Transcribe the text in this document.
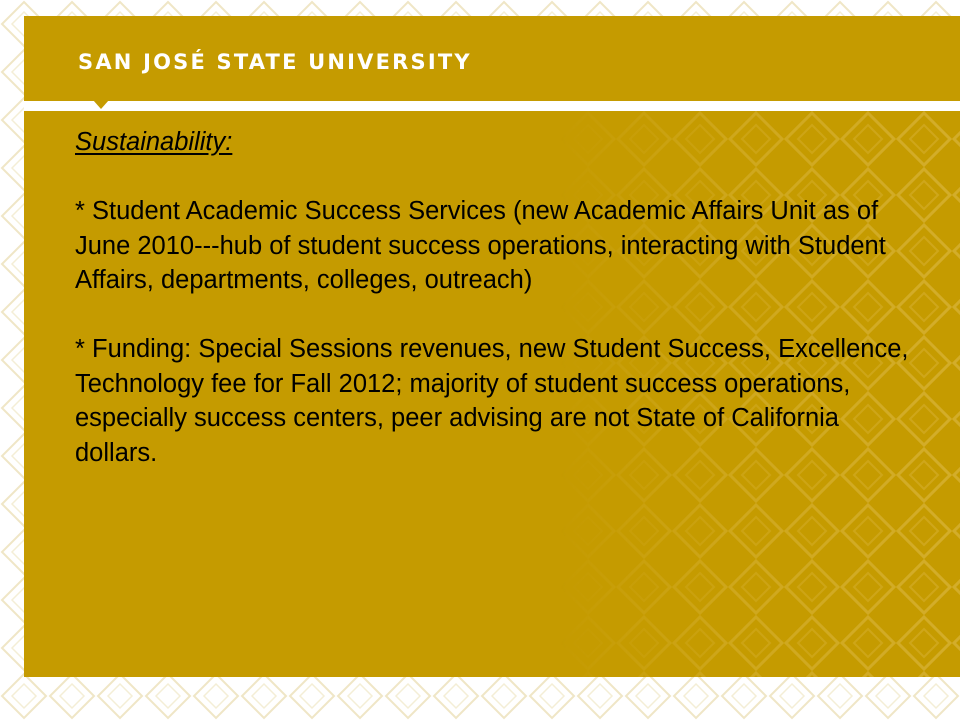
SAN JOSÉ STATE UNIVERSITY
Sustainability:
* Student Academic Success Services (new Academic Affairs Unit as of June 2010---hub of student success operations, interacting with Student Affairs, departments, colleges, outreach)
* Funding: Special Sessions revenues, new Student Success, Excellence, Technology fee for Fall 2012; majority of student success operations, especially success centers, peer advising are not State of California dollars.
